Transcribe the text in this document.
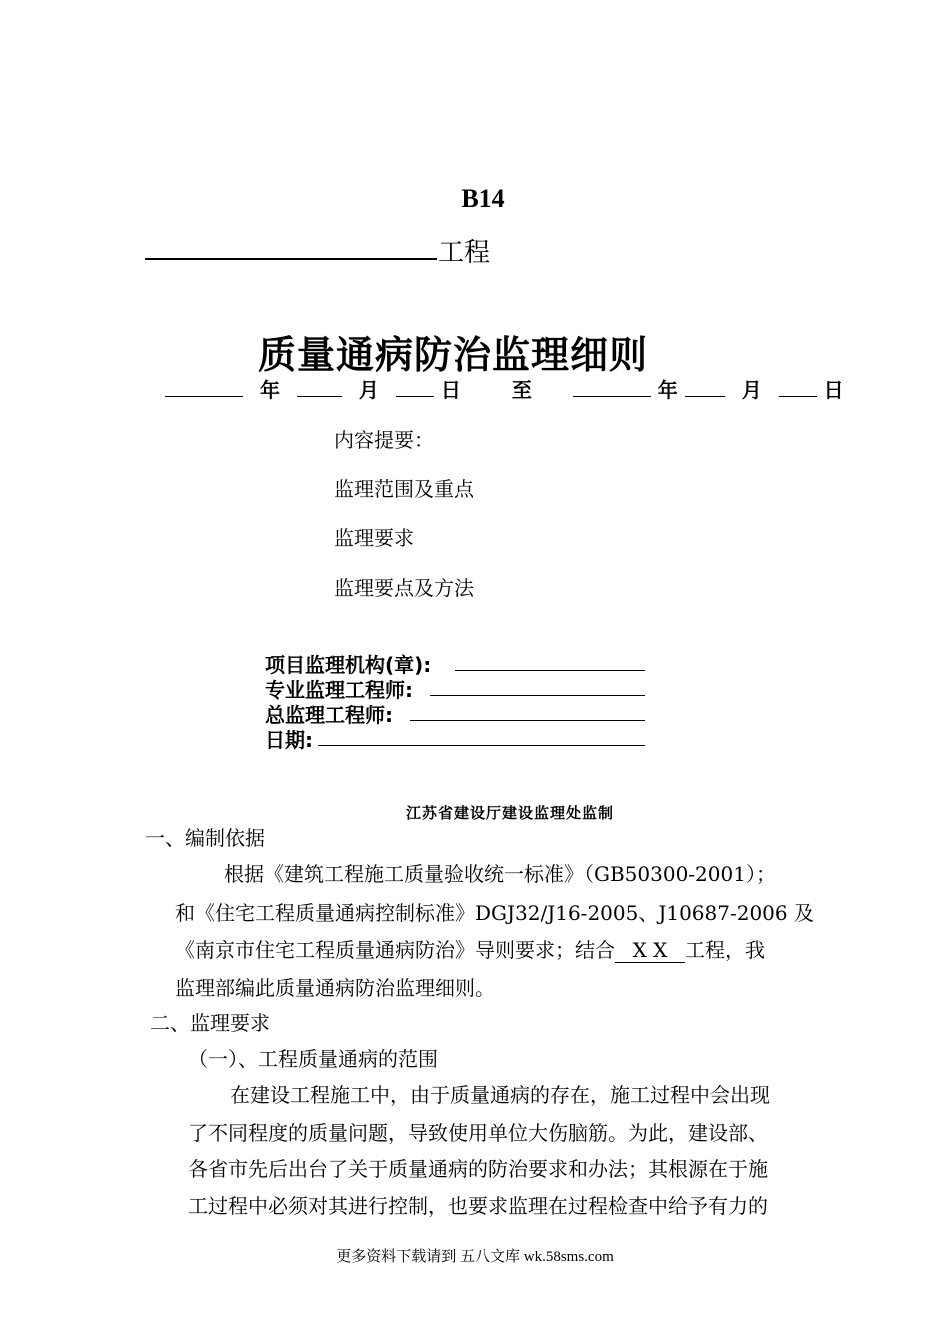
B14
工程
质量通病防治监理细则
年	月	日	至	年	月	日
内容提要：
监理范围及重点
监理要求
监理要点及方法
项目监理机构(章):
专业监理工程师:
总监理工程师:
日期:
江苏省建设厅建设监理处监制
一、编制依据
根据《建筑工程施工质量验收统一标准》（GB50300-2001）；
和《住宅工程质量通病控制标准》DGJ32/J16-2005、J10687-2006 及
《南京市住宅工程质量通病防治》导则要求；结合 X X 工程，我
监理部编此质量通病防治监理细则。
二、监理要求
（一）、工程质量通病的范围
在建设工程施工中，由于质量通病的存在，施工过程中会出现
了不同程度的质量问题，导致使用单位大伤脑筋。为此，建设部、
各省市先后出台了关于质量通病的防治要求和办法；其根源在于施
工过程中必须对其进行控制，也要求监理在过程检查中给予有力的
更多资料下载请到 五八文库 wk.58sms.com
